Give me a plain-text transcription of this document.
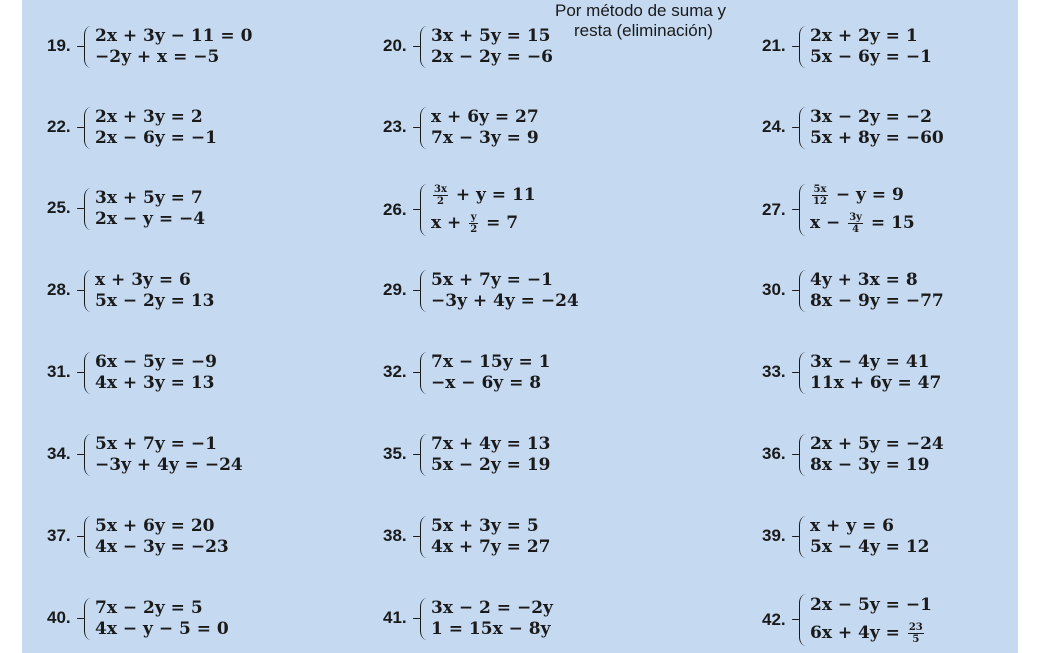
Por método de suma y
resta (eliminación)
19. 2x + 3y − 11 = 0
−2y + x = −5
20. 3x + 5y = 15
2x − 2y = −6
21. 2x + 2y = 1
5x − 6y = −1
22. 2x + 3y = 2
2x − 6y = −1
23. x + 6y = 27
7x − 3y = 9
24. 3x − 2y = −2
5x + 8y = −60
25. 3x + 5y = 7
2x − y = −4	26.
$\frac{3x}{2} + y = 11$
$x + \frac{y}{2} = 7$
27.
$\frac{5x}{12} - y = 9$
$x - \frac{3y}{4} = 15$
28. x + 3y = 6
5x − 2y = 13
29. 5x + 7y = −1
−3y + 4y = −24
30. 4y + 3x = 8
8x − 9y = −77
31. 6x − 5y = −9
4x + 3y = 13
32. 7x − 15y = 1
−x − 6y = 8
33. 3x − 4y = 41
11x + 6y = 47
34. 5x + 7y = −1
−3y + 4y = −24
35. 7x + 4y = 13
5x − 2y = 19
36. 2x + 5y = −24
8x − 3y = 19
37. 5x + 6y = 20
4x − 3y = −23
38. 5x + 3y = 5
4x + 7y = 27
39. x + y = 6
5x − 4y = 12
40. 7x − 2y = 5
4x − y − 5 = 0
41. 3x − 2 = −2y
1 = 15x − 8y	42.
2x − 5y = −1
$6x + 4y = \frac{23}{5}$
